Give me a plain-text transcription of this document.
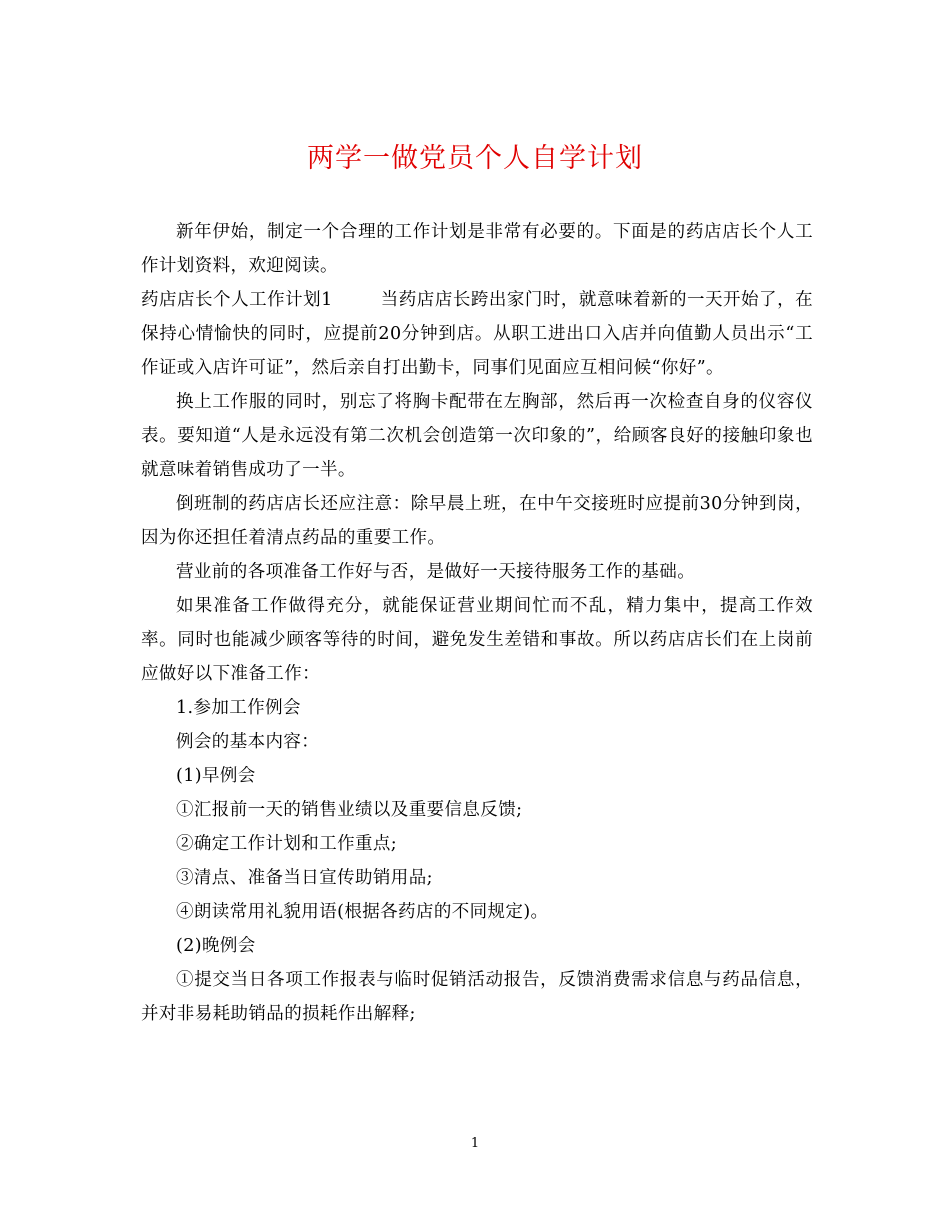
两学一做党员个人自学计划

新年伊始，制定一个合理的工作计划是非常有必要的。下面是的药店店长个人工作计划资料，欢迎阅读。

药店店长个人工作计划1	当药店店长跨出家门时，就意味着新的一天开始了，在保持心情愉快的同时，应提前20分钟到店。从职工进出口入店并向值勤人员出示“工作证或入店许可证”，然后亲自打出勤卡，同事们见面应互相问候“你好”。

换上工作服的同时，别忘了将胸卡配带在左胸部，然后再一次检查自身的仪容仪表。要知道“人是永远没有第二次机会创造第一次印象的”，给顾客良好的接触印象也就意味着销售成功了一半。

倒班制的药店店长还应注意：除早晨上班，在中午交接班时应提前30分钟到岗，因为你还担任着清点药品的重要工作。

营业前的各项准备工作好与否，是做好一天接待服务工作的基础。

如果准备工作做得充分，就能保证营业期间忙而不乱，精力集中，提高工作效率。同时也能减少顾客等待的时间，避免发生差错和事故。所以药店店长们在上岗前应做好以下准备工作：

1.参加工作例会

例会的基本内容：

(1)早例会

①汇报前一天的销售业绩以及重要信息反馈;

②确定工作计划和工作重点;

③清点、准备当日宣传助销用品;

④朗读常用礼貌用语(根据各药店的不同规定)。

(2)晚例会

①提交当日各项工作报表与临时促销活动报告，反馈消费需求信息与药品信息，并对非易耗助销品的损耗作出解释;

1
